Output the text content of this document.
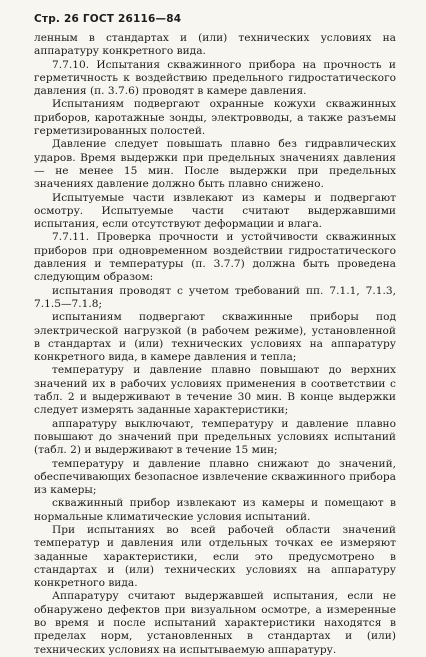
Стр. 26 ГОСТ 26116—84

ленным в стандартах и (или) технических условиях на аппаратуру конкретного вида.

7.7.10. Испытания скважинного прибора на прочность и герметичность к воздействию предельного гидростатического давления (п. 3.7.6) проводят в камере давления.

Испытаниям подвергают охранные кожухи скважинных приборов, каротажные зонды, электровводы, а также разъемы герметизированных полостей.

Давление следует повышать плавно без гидравлических ударов. Время выдержки при предельных значениях давления — не менее 15 мин. После выдержки при предельных значениях давление должно быть плавно снижено.

Испытуемые части извлекают из камеры и подвергают осмотру. Испытуемые части считают выдержавшими испытания, если отсутствуют деформации и влага.

7.7.11. Проверка прочности и устойчивости скважинных приборов при одновременном воздействии гидростатического давления и температуры (п. 3.7.7) должна быть проведена следующим образом:

испытания проводят с учетом требований пп. 7.1.1, 7.1.3, 7.1.5—7.1.8;

испытаниям подвергают скважинные приборы под электрической нагрузкой (в рабочем режиме), установленной в стандартах и (или) технических условиях на аппаратуру конкретного вида, в камере давления и тепла;

температуру и давление плавно повышают до верхних значений их в рабочих условиях применения в соответствии с табл. 2 и выдерживают в течение 30 мин. В конце выдержки следует измерять заданные характеристики;

аппаратуру выключают, температуру и давление плавно повышают до значений при предельных условиях испытаний (табл. 2) и выдерживают в течение 15 мин;

температуру и давление плавно снижают до значений, обеспечивающих безопасное извлечение скважинного прибора из камеры;

скважинный прибор извлекают из камеры и помещают в нормальные климатические условия испытаний.

При испытаниях во всей рабочей области значений температур и давления или отдельных точках ее измеряют заданные характеристики, если это предусмотрено в стандартах и (или) технических условиях на аппаратуру конкретного вида.

Аппаратуру считают выдержавшей испытания, если не обнаружено дефектов при визуальном осмотре, а измеренные во время и после испытаний характеристики находятся в пределах норм, установленных в стандартах и (или) технических условиях на испытываемую аппаратуру.
